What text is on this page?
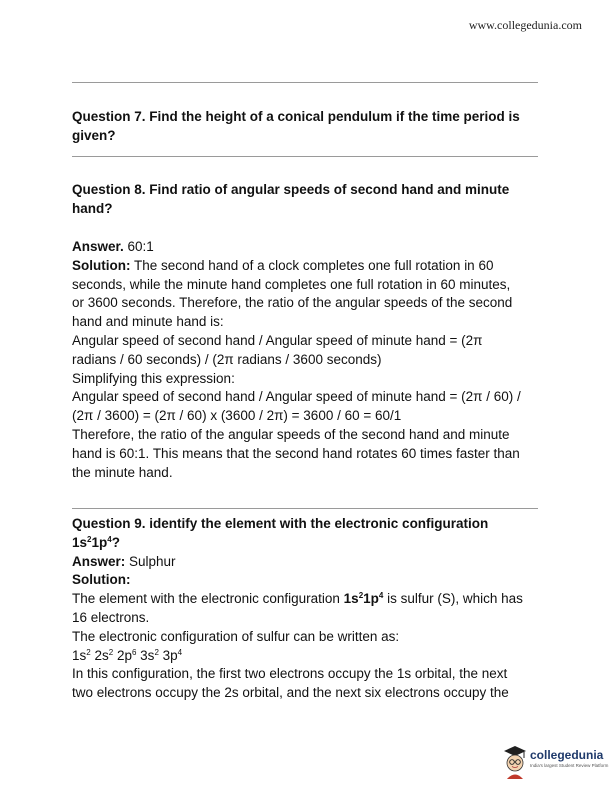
www.collegedunia.com
Question 7. Find the height of a conical pendulum if the time period is
given?
Question 8. Find ratio of angular speeds of second hand and minute
hand?
Answer. 60:1
Solution: The second hand of a clock completes one full rotation in 60
seconds, while the minute hand completes one full rotation in 60 minutes,
or 3600 seconds. Therefore, the ratio of the angular speeds of the second
hand and minute hand is:
Angular speed of second hand / Angular speed of minute hand = (2π
radians / 60 seconds) / (2π radians / 3600 seconds)
Simplifying this expression:
Angular speed of second hand / Angular speed of minute hand = (2π / 60) /
(2π / 3600) = (2π / 60) x (3600 / 2π) = 3600 / 60 = 60/1
Therefore, the ratio of the angular speeds of the second hand and minute
hand is 60:1. This means that the second hand rotates 60 times faster than
the minute hand.
Question 9. identify the element with the electronic configuration
$1s^21p^4$?
Answer: Sulphur
Solution:
The element with the electronic configuration $1s^21p^4$ is sulfur (S), which has
16 electrons.
The electronic configuration of sulfur can be written as:
$1s^2$ $2s^2$ $2p^6$ $3s^2$ $3p^4$
In this configuration, the first two electrons occupy the 1s orbital, the next
two electrons occupy the 2s orbital, and the next six electrons occupy the
collegedunia
India's largest Student Review Platform
